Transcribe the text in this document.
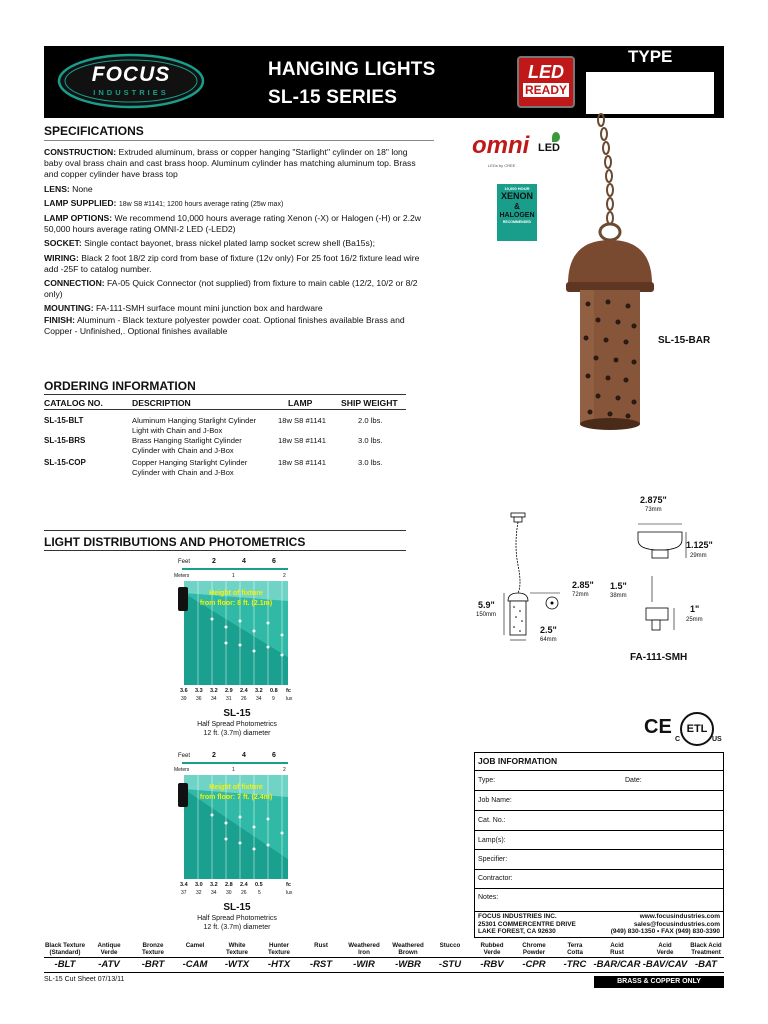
FOCUS
INDUSTRIES
HANGING LIGHTS
SL-15 SERIES
LED
READY
TYPE
SPECIFICATIONS

CONSTRUCTION: Extruded aluminum, brass or copper hanging "Starlight" cylinder on 18" long baby oval brass chain and cast brass hoop. Aluminum cylinder has matching aluminum top. Brass and copper cylinder have brass top

LENS: None

LAMP SUPPLIED: 18w S8 #1141; 1200 hours average rating (25w max)

LAMP OPTIONS: We recommend 10,000 hours average rating Xenon (-X) or Halogen (-H) or 2.2w 50,000 hours average rating OMNI-2 LED (-LED2)

SOCKET: Single contact bayonet, brass nickel plated lamp socket screw shell (Ba15s);

WIRING: Black 2 foot 18/2 zip cord from base of fixture (12v only) For 25 foot 16/2 fixture lead wire add -25F to catalog number.

CONNECTION: FA-05 Quick Connector (not supplied) from fixture to main cable (12/2, 10/2 or 8/2 only)

MOUNTING: FA-111-SMH surface mount mini junction box and hardware

FINISH: Aluminum - Black texture polyester powder coat. Optional finishes available Brass and Copper - Unfinished,. Optional finishes available

omni LED
LEDs by CREE
10,000 HOUR
XENON
&
HALOGEN
RECOMMENDED
SL-15-BAR
ORDERING INFORMATION
CATALOG NO.	DESCRIPTION	LAMP	SHIP WEIGHT
SL-15-BLT	Aluminum Hanging Starlight Cylinder
Light with Chain and J-Box
18w S8 #1141	2.0 lbs.
SL-15-BRS	Brass Hanging Starlight Cylinder
Cylinder with Chain and J-Box
18w S8 #1141	3.0 lbs.
SL-15-COP	Copper Hanging Starlight Cylinder
Cylinder with Chain and J-Box
18w S8 #1141	3.0 lbs.
LIGHT DISTRIBUTIONS AND PHOTOMETRICS
Feet	2	4	6
Meters	1	2
Height of fixture
from floor: 8 ft. (2.1m)
3.6 3.3 3.2 2.9 2.4 3.2 0.8 fc
39 36 34 31 26 34 9 lux
SL-15
Half Spread Photometrics
12 ft. (3.7m) diameter
Feet	2	4	6
Meters	1	2
Height of fixture
from floor: 7 ft. (2.4m)
3.4 3.0 3.2 2.8 2.4 0.5	fc
37 32 34 30 26 5	lux
SL-15
Half Spread Photometrics
12 ft. (3.7m) diameter
5.9"
150mm
2.85"
72mm
2.5"
64mm
2.875"
73mm
1.125"
29mm
1.5"
38mm
1"
25mm
FA-111-SMH
CE	ETL
C	US
JOB INFORMATION
Type:	Date:
Job Name:
Cat. No.:
Lamp(s):
Specifier:
Contractor:
Notes:
FOCUS INDUSTRIES INC.
25301 COMMERCENTRE DRIVE
LAKE FOREST, CA 92630
www.focusindustries.com
sales@focusindustries.com
(949) 830-1350 • FAX (949) 830-3390
Black Texture
(Standard)
-BLT
Antique
Verde
-ATV
Bronze
Texture
-BRT
Camel
-CAM
White
Texture
-WTX
Hunter
Texture
-HTX
Rust
-RST
Weathered
Iron
-WIR
Weathered
Brown
-WBR
Stucco
-STU
Rubbed
Verde
-RBV
Chrome
Powder
-CPR
Terra
Cotta
-TRC
Acid
Rust
-BAR/CAR
Acid
Verde
-BAV/CAV
Black Acid
Treatment
-BAT
SL-15 Cut Sheet 07/13/11	BRASS & COPPER ONLY
